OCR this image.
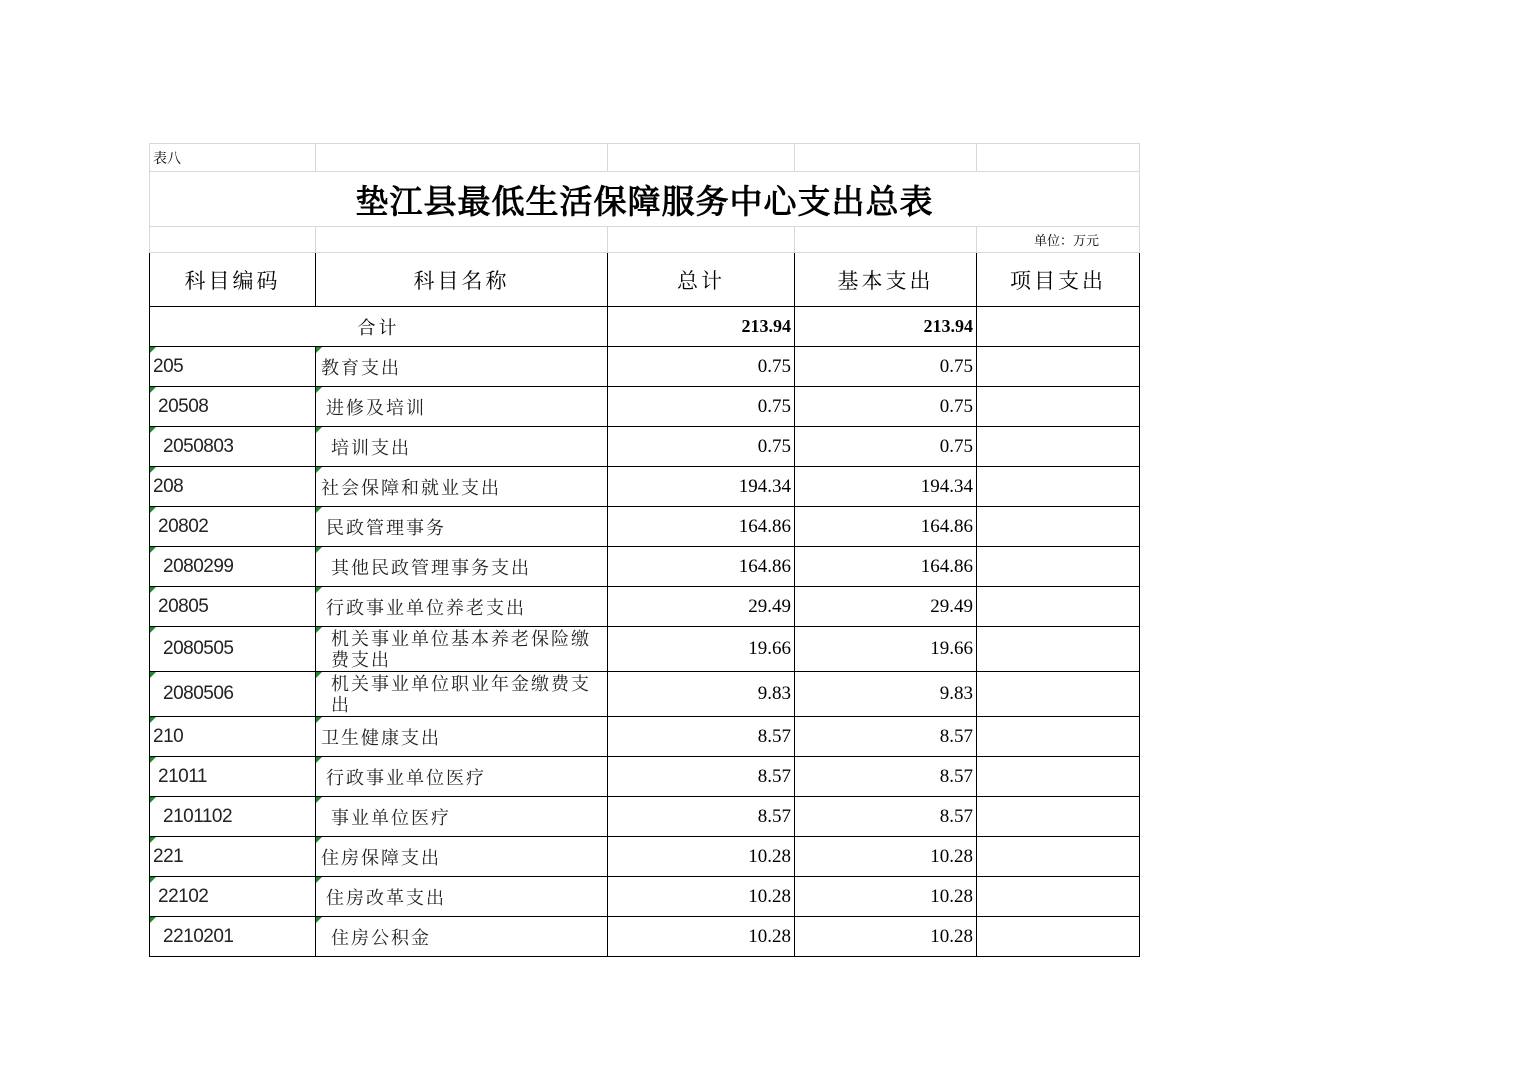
表八				
垫江县最低生活保障服务中心支出总表				
				单位：万元
科目编码	科目名称	总计	基本支出	项目支出
合计		213.94	213.94	
205	教育支出	0.75	0.75	
20508	进修及培训	0.75	0.75	
2050803	培训支出	0.75	0.75	
208	社会保障和就业支出	194.34	194.34	
20802	民政管理事务	164.86	164.86	
2080299	其他民政管理事务支出	164.86	164.86	
20805	行政事业单位养老支出	29.49	29.49	
2080505	机关事业单位基本养老保险缴费支出	19.66	19.66	
2080506	机关事业单位职业年金缴费支出	9.83	9.83	
210	卫生健康支出	8.57	8.57	
21011	行政事业单位医疗	8.57	8.57	
2101102	事业单位医疗	8.57	8.57	
221	住房保障支出	10.28	10.28	
22102	住房改革支出	10.28	10.28	
2210201	住房公积金	10.28	10.28	
